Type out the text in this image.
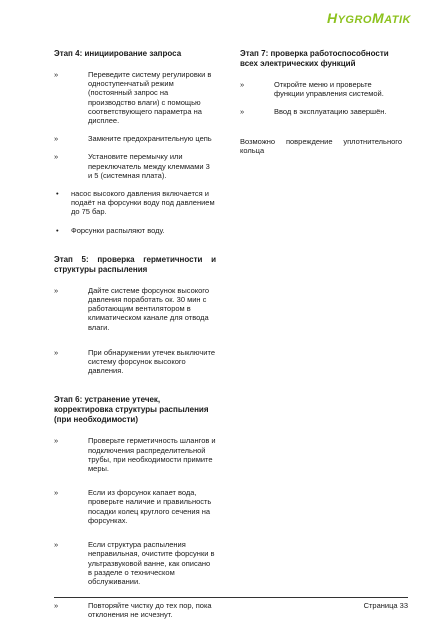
HYGROMATIK
Этап 4: инициирование запроса
»	Переведите систему регулировки в одноступенчатый режим (постоянный запрос на производство влаги) с помощью соответствующего параметра на дисплее.
»	Замкните предохранительную цепь
»	Установите перемычку или переключатель между клеммами 3 и 5 (системная плата).
•	насос высокого давления включается и подаёт на форсунки воду под давлением до 75 бар.
•	Форсунки распыляют воду.
Этап 5: проверка герметичности и структуры распыления
»	Дайте системе форсунок высокого давления поработать ок. 30 мин с работающим вентилятором в климатическом канале для отвода влаги.
»	При обнаружении утечек выключите систему форсунок высокого давления.
Этап 6: устранение утечек, корректировка структуры распыления (при необходимости)
»	Проверьте герметичность шлангов и подключения распределительной трубы, при необходимости примите меры.
»	Если из форсунок капает вода, проверьте наличие и правильность посадки колец круглого сечения на форсунках.
»	Если структура распыления неправильная, очистите форсунки в ультразвуковой ванне, как описано в разделе о техническом обслуживании.
»	Повторяйте чистку до тех пор, пока отклонения не исчезнут.
Этап 7: проверка работоспособности всех электрических функций
»	Откройте меню и проверьте функции управления системой.
»	Ввод в эксплуатацию завершён.
Возможно повреждение уплотнительного кольца
Страница 33
